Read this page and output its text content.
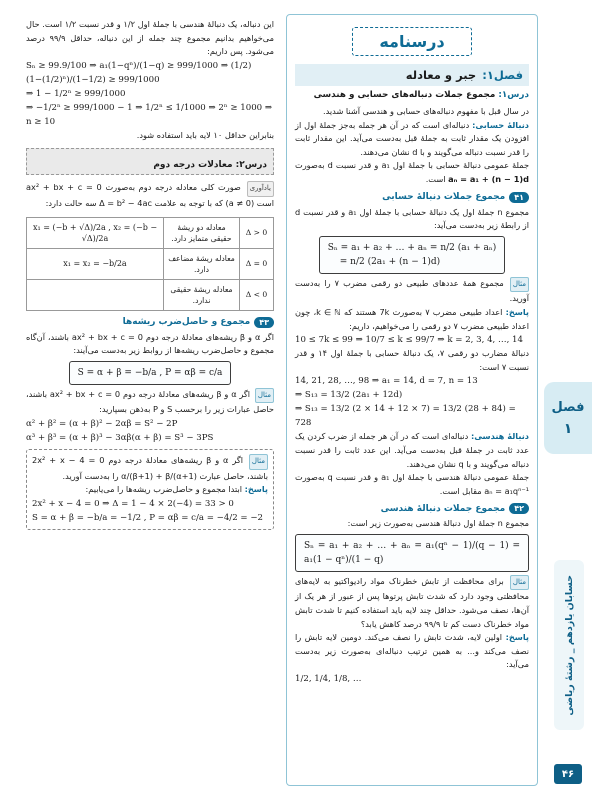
درسنامه
فصل۱:
جبر و معادله
درس۱: مجموع جملات دنباله‌های حسابی و هندسی

در سال قبل با مفهوم دنباله‌های حسابی و هندسی آشنا شدید.

دنبالهٔ حسابی: دنباله‌ای است که در آن هر جمله به‌جز جملهٔ اول از افزودن یک مقدار ثابت به جملهٔ قبل به‌دست می‌آید. این مقدار ثابت را قدر نسبت دنباله می‌گویند و با d نشان می‌دهند.

جملهٔ عمومی دنبالهٔ حسابی با جملهٔ اول a₁ و قدر نسبت d به‌صورت aₙ = a₁ + (n − 1)d است.

۴۱
مجموع جملات دنبالهٔ حسابی

مجموع n جملهٔ اول یک دنبالهٔ حسابی با جملهٔ اول a₁ و قدر نسبت d از رابطهٔ زیر به‌دست می‌آید:

Sₙ = a₁ + a₂ + … + aₙ = n/2 (a₁ + aₙ)
= n/2 (2a₁ + (n − 1)d)

مثال مجموع همهٔ عددهای طبیعی دو رقمی مضرب ۷ را به‌دست آورید.

پاسخ: اعداد طبیعی مضرب ۷ به‌صورت 7k هستند که k ∈ ℕ، چون اعداد طبیعی مضرب ۷ دو رقمی را می‌خواهیم، داریم:

10 ≤ 7k ≤ 99 ⇒ 10/7 ≤ k ≤ 99/7 ⇒ k = 2, 3, 4, …, 14

دنبالهٔ مضارب دو رقمی ۷، یک دنبالهٔ حسابی با جملهٔ اول ۱۴ و قدر نسبت ۷ است:

14, 21, 28, …, 98 ⇒ a₁ = 14, d = 7, n = 13
⇒ S₁₃ = 13/2 (2a₁ + 12d)
⇒ S₁₃ = 13/2 (2 × 14 + 12 × 7) = 13/2 (28 + 84) = 728

دنبالهٔ هندسی: دنباله‌ای است که در آن هر جمله از ضرب کردن یک عدد ثابت در جملهٔ قبل به‌دست می‌آید. این عدد ثابت را قدر نسبت دنباله می‌گویند و با q نشان می‌دهند.

جملهٔ عمومی دنبالهٔ هندسی با جملهٔ اول a₁ و قدر نسبت q به‌صورت aₙ = a₁qⁿ⁻¹ مقابل است.

۴۲
مجموع جملات دنبالهٔ هندسی

مجموع n جملهٔ اول دنبالهٔ هندسی به‌صورت زیر است:

Sₙ = a₁ + a₂ + … + aₙ = a₁(qⁿ − 1)/(q − 1) = a₁(1 − qⁿ)/(1 − q)

مثال برای محافظت از تابش خطرناک مواد رادیواکتیو به لایه‌های محافظتی وجود دارد که شدت تابش پرتوها پس از عبور از هر یک از آن‌ها، نصف می‌شود. حداقل چند لایه باید استفاده کنیم تا شدت تابش مواد خطرناک دست کم تا ۹۹/۹ درصد کاهش یابد؟

پاسخ: اولین لایه، شدت تابش را نصف می‌کند. دومین لایه تابش را نصف می‌کند و... به همین ترتیب دنباله‌ای به‌صورت زیر به‌دست می‌آید:

1/2, 1/4, 1/8, …

این دنباله، یک دنبالهٔ هندسی با جملهٔ اول ۱/۲ و قدر نسبت ۱/۲ است. حال می‌خواهیم بدانیم مجموع چند جمله از این دنباله، حداقل ۹۹/۹ درصد می‌شود. پس داریم:

Sₙ ≥ 99.9/100 ⇒ a₁(1−qⁿ)/(1−q) ≥ 999/1000 ⇒ (1/2)(1−(1/2)ⁿ)/(1−1/2) ≥ 999/1000
⇒ 1 − 1/2ⁿ ≥ 999/1000
⇒ −1/2ⁿ ≥ 999/1000 − 1 ⇒ 1/2ⁿ ≤ 1/1000 ⇒ 2ⁿ ≥ 1000 ⇒ n ≥ 10

بنابراین حداقل ۱۰ لایه باید استفاده شود.

درس۲: معادلات درجه دوم

یادآوری صورت کلی معادله درجه دوم به‌صورت ax² + bx + c = 0 است (a ≠ 0) که با توجه به علامت Δ = b² − 4ac سه حالت دارد:

Δ > 0	معادله دو ریشهٔ حقیقی متمایز دارد.	x₁ = (−b + √Δ)/2a , x₂ = (−b − √Δ)/2a
Δ = 0	معادله ریشهٔ مضاعف دارد.	x₁ = x₂ = −b/2a
Δ < 0	معادله ریشهٔ حقیقی ندارد.	
۴۳
مجموع و حاصل‌ضرب ریشه‌ها

اگر α و β ریشه‌های معادلهٔ درجه دوم ax² + bx + c = 0 باشند، آن‌گاه مجموع و حاصل‌ضرب ریشه‌ها از روابط زیر به‌دست می‌آیند:

S = α + β = −b/a , P = αβ = c/a

مثال اگر α و β ریشه‌های معادلهٔ درجه دوم ax² + bx + c = 0 باشند، حاصل عبارات زیر را برحسب S و P به‌ذهن بسپارید:

α² + β² = (α + β)² − 2αβ = S² − 2P
α³ + β³ = (α + β)³ − 3αβ(α + β) = S³ − 3PS

مثال اگر α و β ریشه‌های معادلهٔ درجه دوم 2x² + x − 4 = 0 باشند، حاصل عبارت α/(β+1) + β/(α+1) را به‌دست آورید.

پاسخ: ابتدا مجموع و حاصل‌ضرب ریشه‌ها را می‌یابیم:

2x² + x − 4 = 0 ⇒ Δ = 1 − 4 × 2(−4) = 33 > 0
S = α + β = −b/a = −1/2 , P = αβ = c/a = −4/2 = −2
فصل
۱
حسابان یازدهم _ رشتهٔ ریاضی
۴۶
